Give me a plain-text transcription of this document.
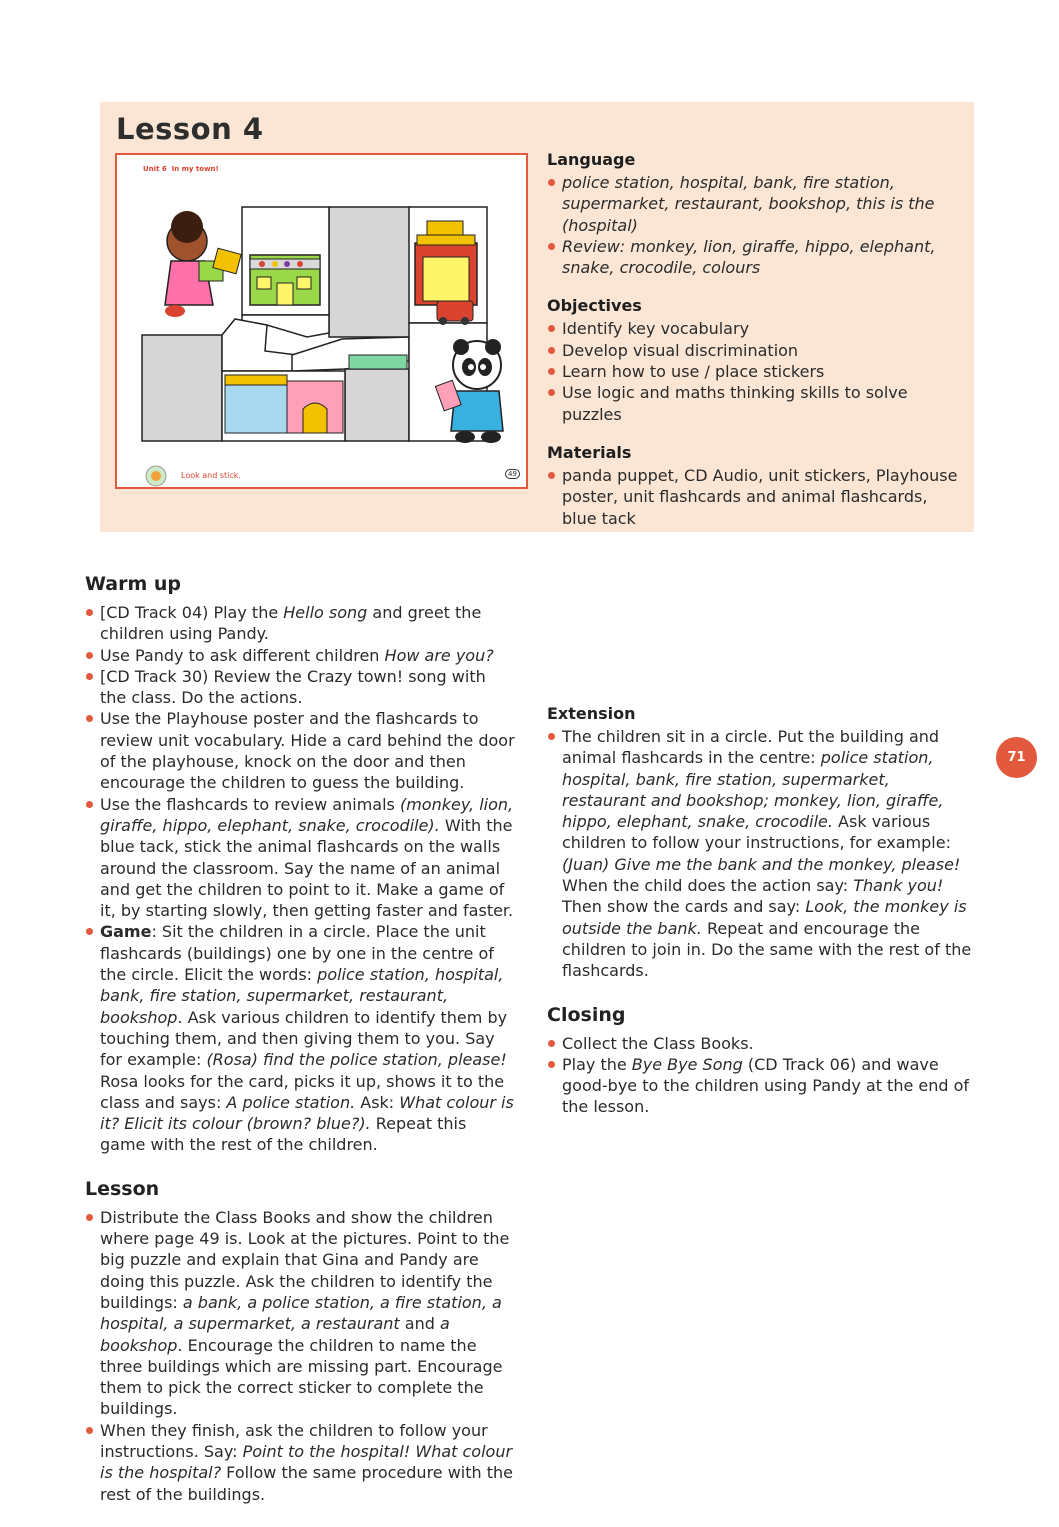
Lesson 4
Unit 6 In my town!
Look and stick.	49
Language
police station, hospital, bank, fire station, supermarket, restaurant, bookshop, this is the (hospital)
Review: monkey, lion, giraffe, hippo, elephant, snake, crocodile, colours
Objectives
Identify key vocabulary
Develop visual discrimination
Learn how to use / place stickers
Use logic and maths thinking skills to solve puzzles
Materials
panda puppet, CD Audio, unit stickers, Playhouse poster, unit flashcards and animal flashcards, blue tack
Warm up
[CD Track 04) Play the Hello song and greet the children using Pandy.
Use Pandy to ask different children How are you?
[CD Track 30) Review the Crazy town! song with the class. Do the actions.
Use the Playhouse poster and the flashcards to review unit vocabulary. Hide a card behind the door of the playhouse, knock on the door and then encourage the children to guess the building.
Use the flashcards to review animals (monkey, lion, giraffe, hippo, elephant, snake, crocodile). With the blue tack, stick the animal flashcards on the walls around the classroom. Say the name of an animal and get the children to point to it. Make a game of it, by starting slowly, then getting faster and faster.
Game: Sit the children in a circle. Place the unit flashcards (buildings) one by one in the centre of the circle. Elicit the words: police station, hospital, bank, fire station, supermarket, restaurant, bookshop. Ask various children to identify them by touching them, and then giving them to you. Say for example: (Rosa) find the police station, please! Rosa looks for the card, picks it up, shows it to the class and says: A police station. Ask: What colour is it? Elicit its colour (brown? blue?). Repeat this game with the rest of the children.
Lesson
Distribute the Class Books and show the children where page 49 is. Look at the pictures. Point to the big puzzle and explain that Gina and Pandy are doing this puzzle. Ask the children to identify the buildings: a bank, a police station, a fire station, a hospital, a supermarket, a restaurant and a bookshop. Encourage the children to name the three buildings which are missing part. Encourage them to pick the correct sticker to complete the buildings.
When they finish, ask the children to follow your instructions. Say: Point to the hospital! What colour is the hospital? Follow the same procedure with the rest of the buildings.
Extension
The children sit in a circle. Put the building and animal flashcards in the centre: police station, hospital, bank, fire station, supermarket, restaurant and bookshop; monkey, lion, giraffe, hippo, elephant, snake, crocodile. Ask various children to follow your instructions, for example: (Juan) Give me the bank and the monkey, please! When the child does the action say: Thank you! Then show the cards and say: Look, the monkey is outside the bank. Repeat and encourage the children to join in. Do the same with the rest of the flashcards.
Closing
Collect the Class Books.
Play the Bye Bye Song (CD Track 06) and wave good-bye to the children using Pandy at the end of the lesson.
71
